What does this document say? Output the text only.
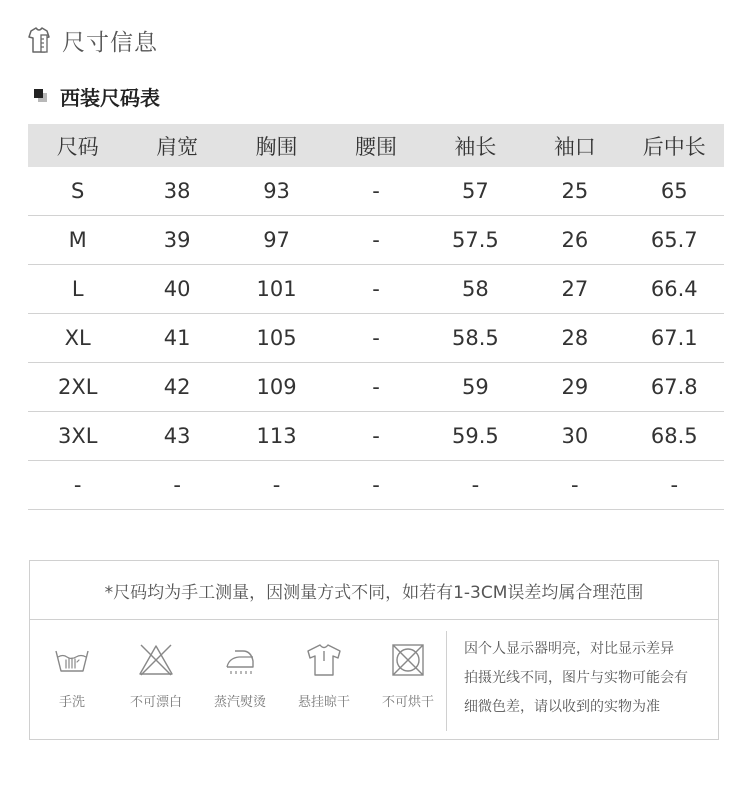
尺寸信息
西装尺码表
尺码	肩宽	胸围	腰围	袖长	袖口	后中长
S	38	93	-	57	25	65
M	39	97	-	57.5	26	65.7
L	40	101	-	58	27	66.4
XL	41	105	-	58.5	28	67.1
2XL	42	109	-	59	29	67.8
3XL	43	113	-	59.5	30	68.5
-	-	-	-	-	-	-
*尺码均为手工测量，因测量方式不同，如若有1-3CM误差均属合理范围
手洗	不可漂白	蒸汽熨烫	悬挂晾干	不可烘干
因个人显示器明亮，对比显示差异
拍摄光线不同，图片与实物可能会有
细微色差，请以收到的实物为准
